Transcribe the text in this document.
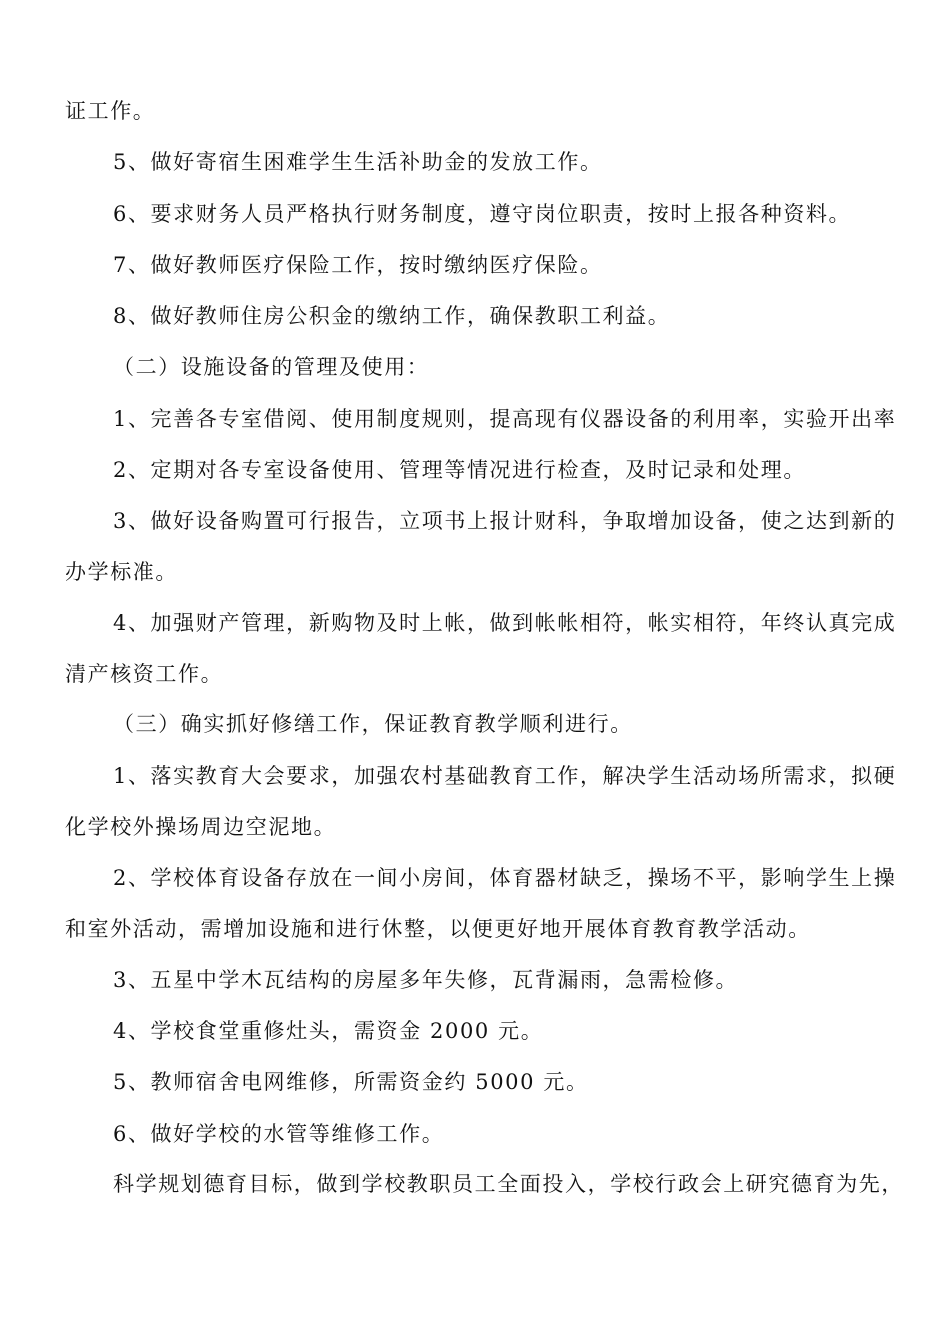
证工作。
5、做好寄宿生困难学生生活补助金的发放工作。
6、要求财务人员严格执行财务制度，遵守岗位职责，按时上报各种资料。
7、做好教师医疗保险工作，按时缴纳医疗保险。
8、做好教师住房公积金的缴纳工作，确保教职工利益。
（二）设施设备的管理及使用：
1、完善各专室借阅、使用制度规则，提高现有仪器设备的利用率，实验开出率
2、定期对各专室设备使用、管理等情况进行检查，及时记录和处理。
3、做好设备购置可行报告，立项书上报计财科，争取增加设备，使之达到新的
办学标准。
4、加强财产管理，新购物及时上帐，做到帐帐相符，帐实相符，年终认真完成
清产核资工作。
（三）确实抓好修缮工作，保证教育教学顺利进行。
1、落实教育大会要求，加强农村基础教育工作，解决学生活动场所需求，拟硬
化学校外操场周边空泥地。
2、学校体育设备存放在一间小房间，体育器材缺乏，操场不平，影响学生上操
和室外活动，需增加设施和进行休整，以便更好地开展体育教育教学活动。
3、五星中学木瓦结构的房屋多年失修，瓦背漏雨，急需检修。
4、学校食堂重修灶头，需资金 2000 元。
5、教师宿舍电网维修，所需资金约 5000 元。
6、做好学校的水管等维修工作。
科学规划德育目标，做到学校教职员工全面投入，学校行政会上研究德育为先，
